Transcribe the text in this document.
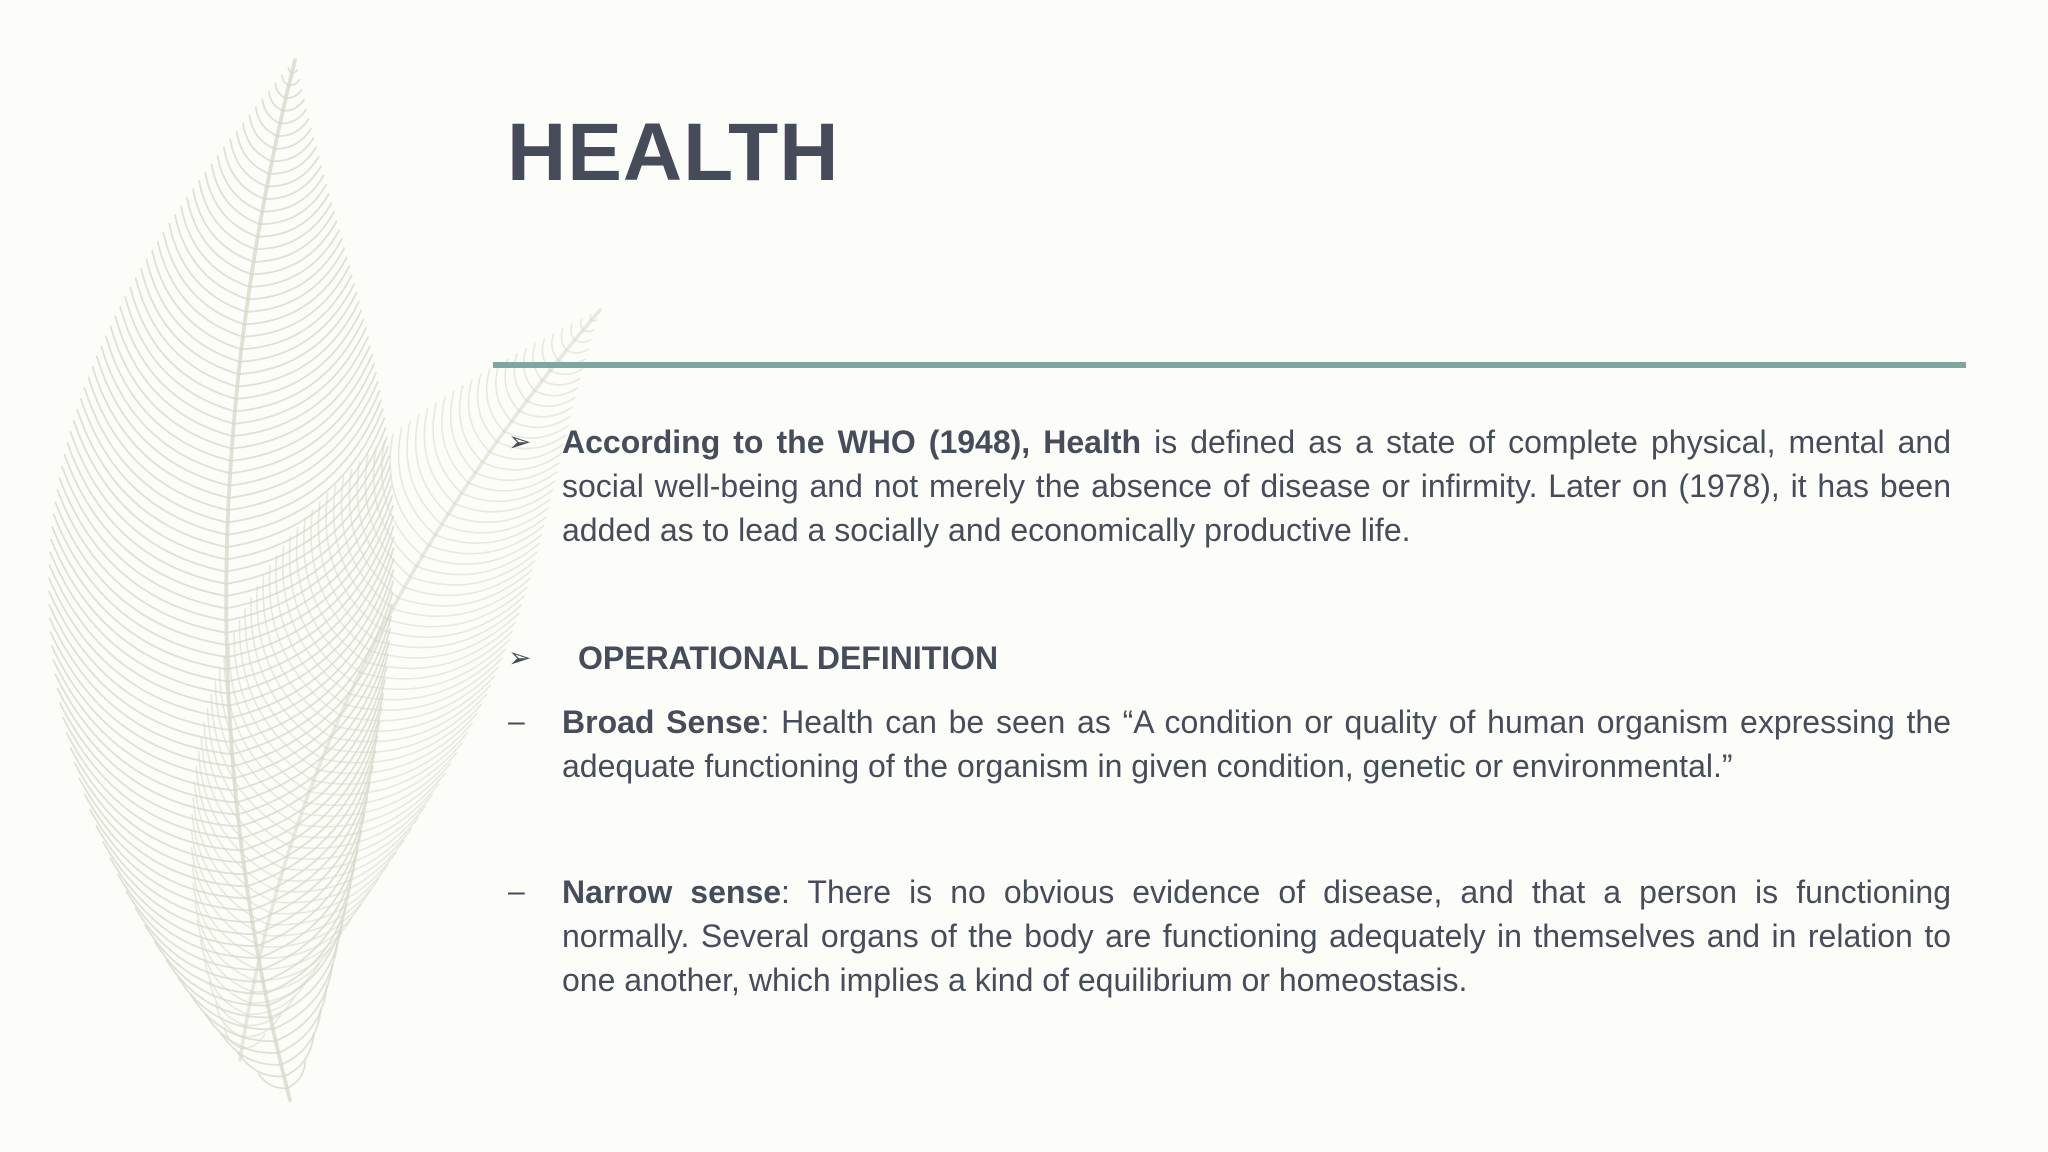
HEALTH
➢ According to the WHO (1948), Health is defined as a state of complete physical, mental and social well-being and not merely the absence of disease or infirmity. Later on (1978), it has been added as to lead a socially and economically productive life.
➢ OPERATIONAL DEFINITION
–	Broad Sense: Health can be seen as “A condition or quality of human organism expressing the adequate functioning of the organism in given condition, genetic or environmental.”
–	Narrow sense: There is no obvious evidence of disease, and that a person is functioning normally. Several organs of the body are functioning adequately in themselves and in relation to one another, which implies a kind of equilibrium or homeostasis.
